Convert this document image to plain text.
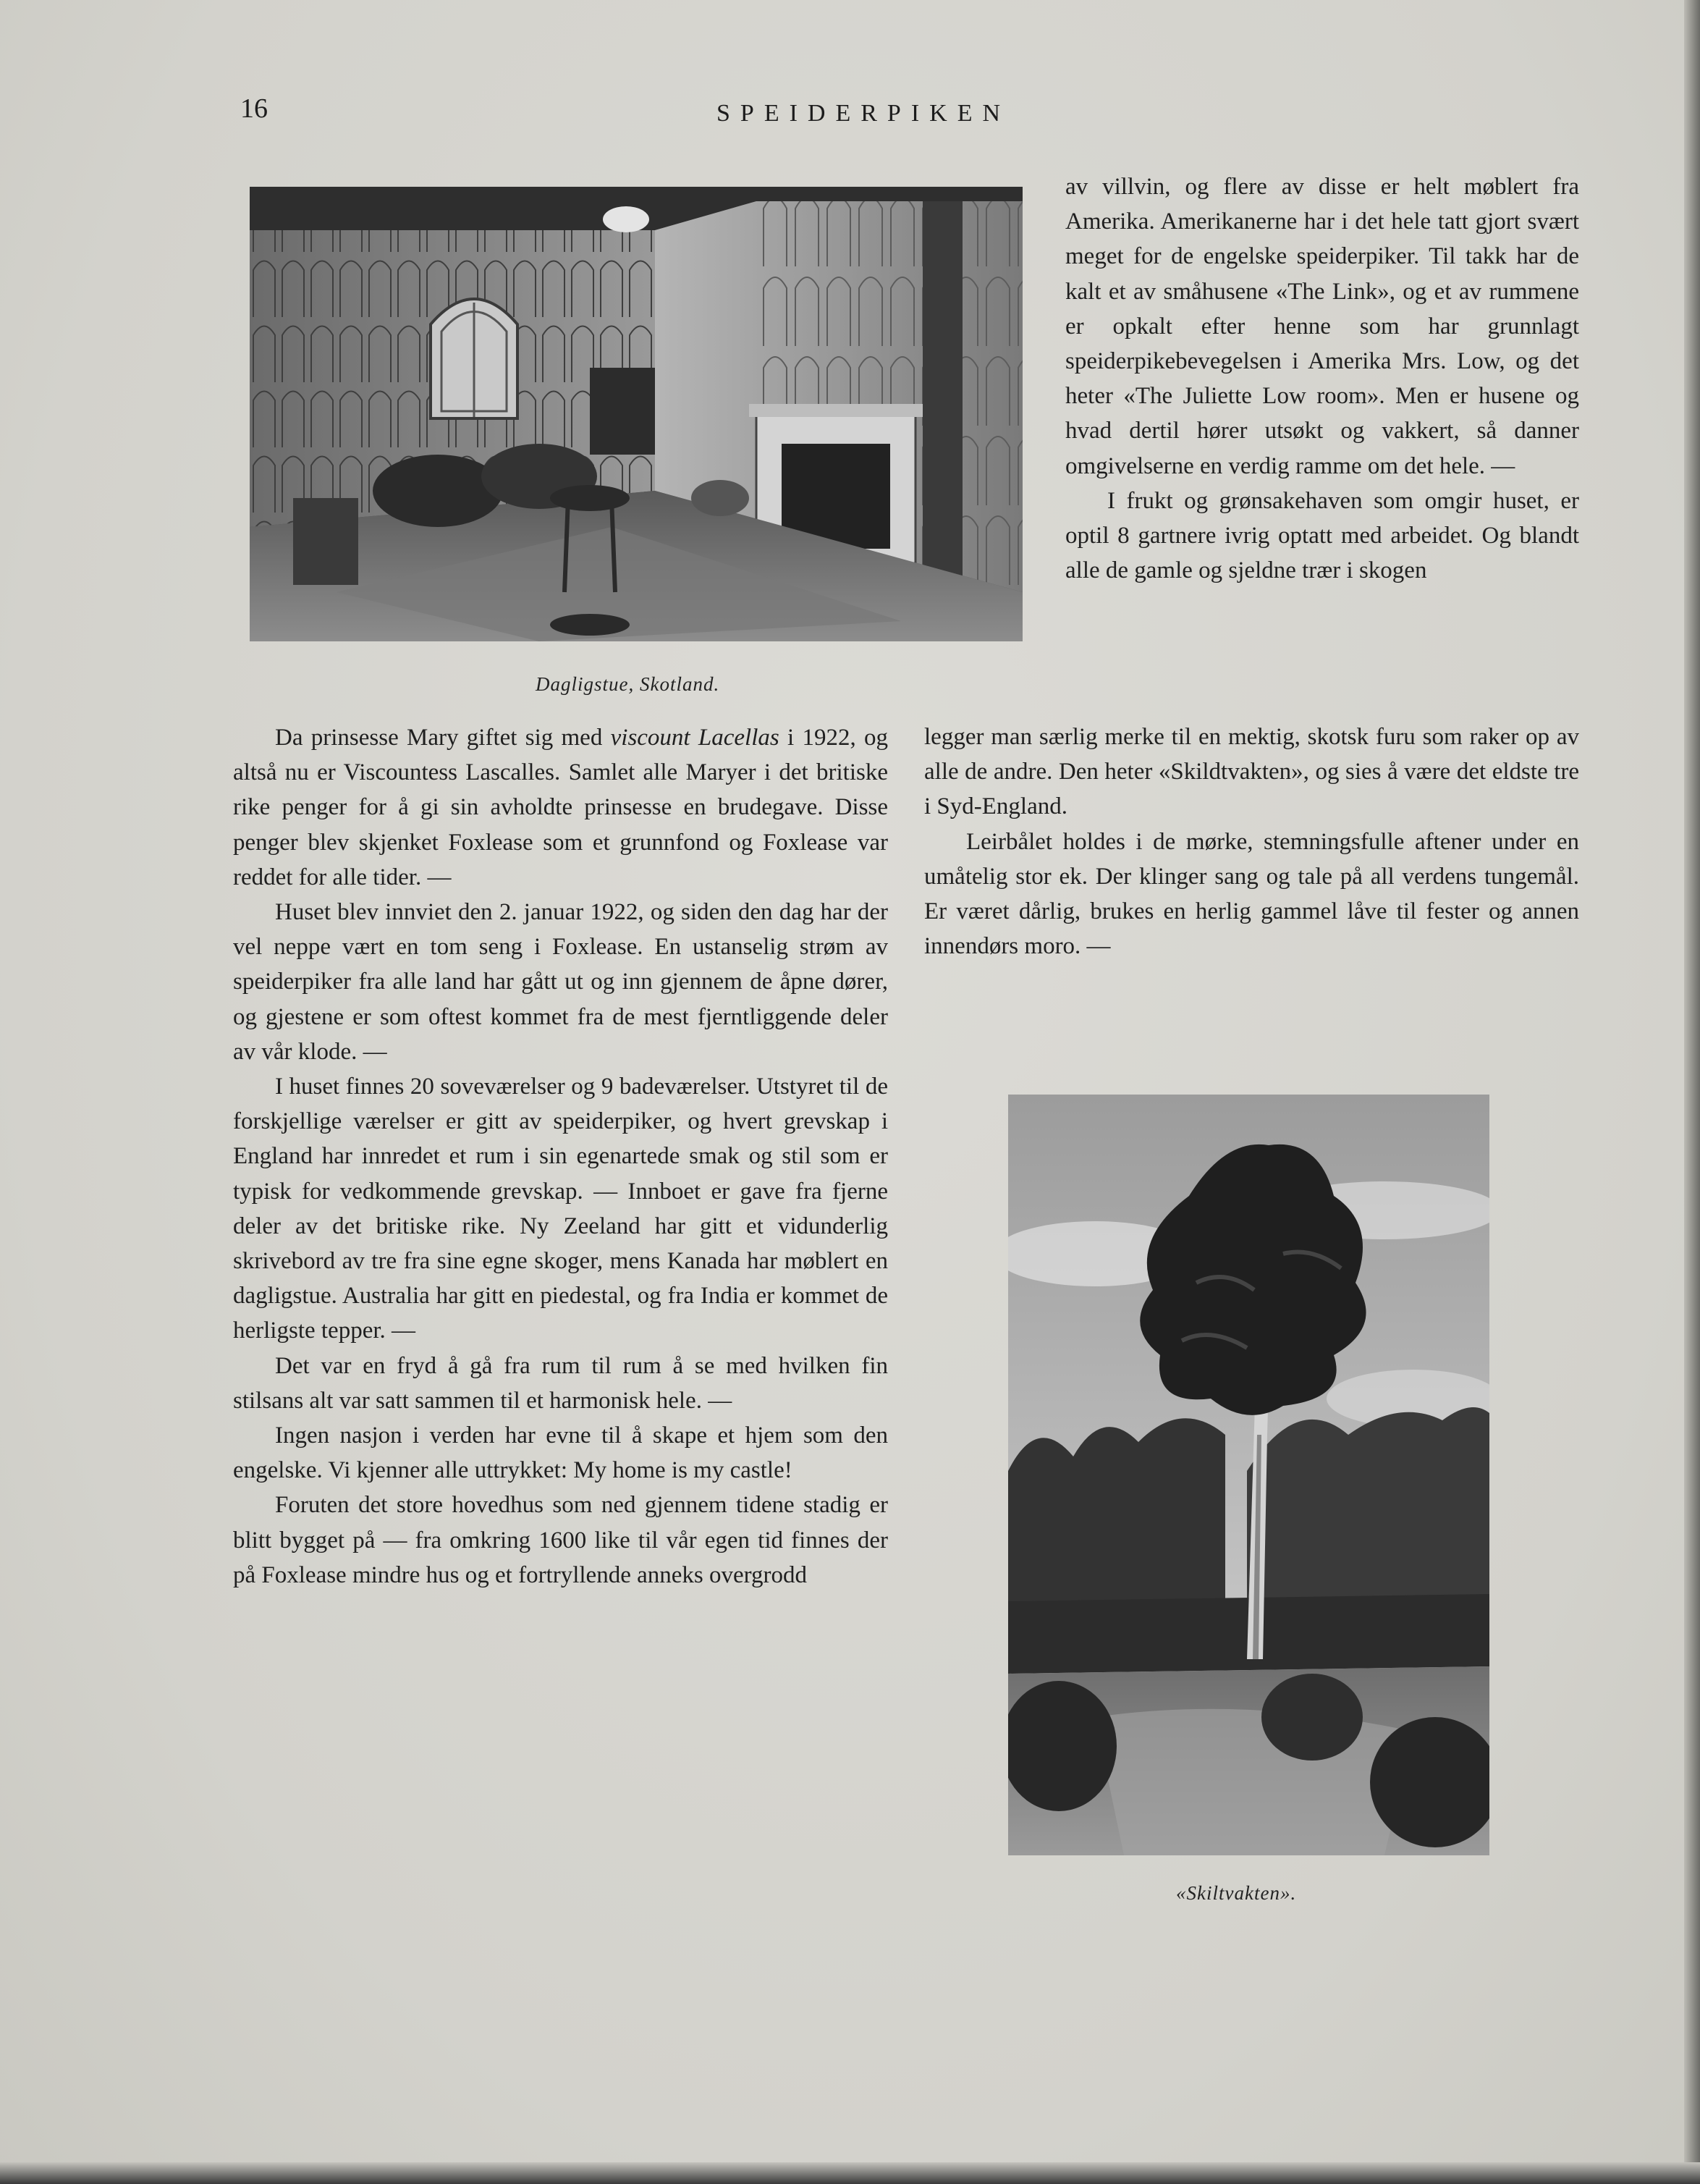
16	SPEIDERPIKEN
Dagligstue, Skotland.

Da prinsesse Mary giftet sig med viscount Lacellas i 1922, og altså nu er Viscountess Lascalles. Samlet alle Maryer i det britiske rike penger for å gi sin avholdte prinsesse en brudegave. Disse penger blev skjenket Foxlease som et grunnfond og Foxlease var reddet for alle tider. —

Huset blev innviet den 2. januar 1922, og siden den dag har der vel neppe vært en tom seng i Foxlease. En ustanselig strøm av speiderpiker fra alle land har gått ut og inn gjennem de åpne dører, og gjestene er som oftest kommet fra de mest fjerntliggende deler av vår klode. —

I huset finnes 20 soveværelser og 9 badeværelser. Utstyret til de forskjellige værelser er gitt av speiderpiker, og hvert grevskap i England har innredet et rum i sin egenartede smak og stil som er typisk for vedkommende grevskap. — Innboet er gave fra fjerne deler av det britiske rike. Ny Zeeland har gitt et vidunderlig skrivebord av tre fra sine egne skoger, mens Kanada har møblert en dagligstue. Australia har gitt en piedestal, og fra India er kommet de herligste tepper. —

Det var en fryd å gå fra rum til rum å se med hvilken fin stilsans alt var satt sammen til et harmonisk hele. —

Ingen nasjon i verden har evne til å skape et hjem som den engelske. Vi kjenner alle uttrykket: My home is my castle!

Foruten det store hovedhus som ned gjennem tidene stadig er blitt bygget på — fra omkring 1600 like til vår egen tid finnes der på Foxlease mindre hus og et fortryllende anneks overgrodd

av villvin, og flere av disse er helt møblert fra Amerika. Amerikanerne har i det hele tatt gjort svært meget for de engelske speiderpiker. Til takk har de kalt et av småhusene «The Link», og et av rummene er opkalt efter henne som har grunnlagt speiderpikebevegelsen i Amerika Mrs. Low, og det heter «The Juliette Low room». Men er husene og hvad dertil hører utsøkt og vakkert, så danner omgivelserne en verdig ramme om det hele. —

I frukt og grønsakehaven som omgir huset, er optil 8 gartnere ivrig optatt med arbeidet. Og blandt alle de gamle og sjeldne trær i skogen

legger man særlig merke til en mektig, skotsk furu som raker op av alle de andre. Den heter «Skildtvakten», og sies å være det eldste tre i Syd-England.

Leirbålet holdes i de mørke, stemningsfulle aftener under en umåtelig stor ek. Der klinger sang og tale på all verdens tungemål. Er været dårlig, brukes en herlig gammel låve til fester og annen innendørs moro. —

«Skiltvakten».
